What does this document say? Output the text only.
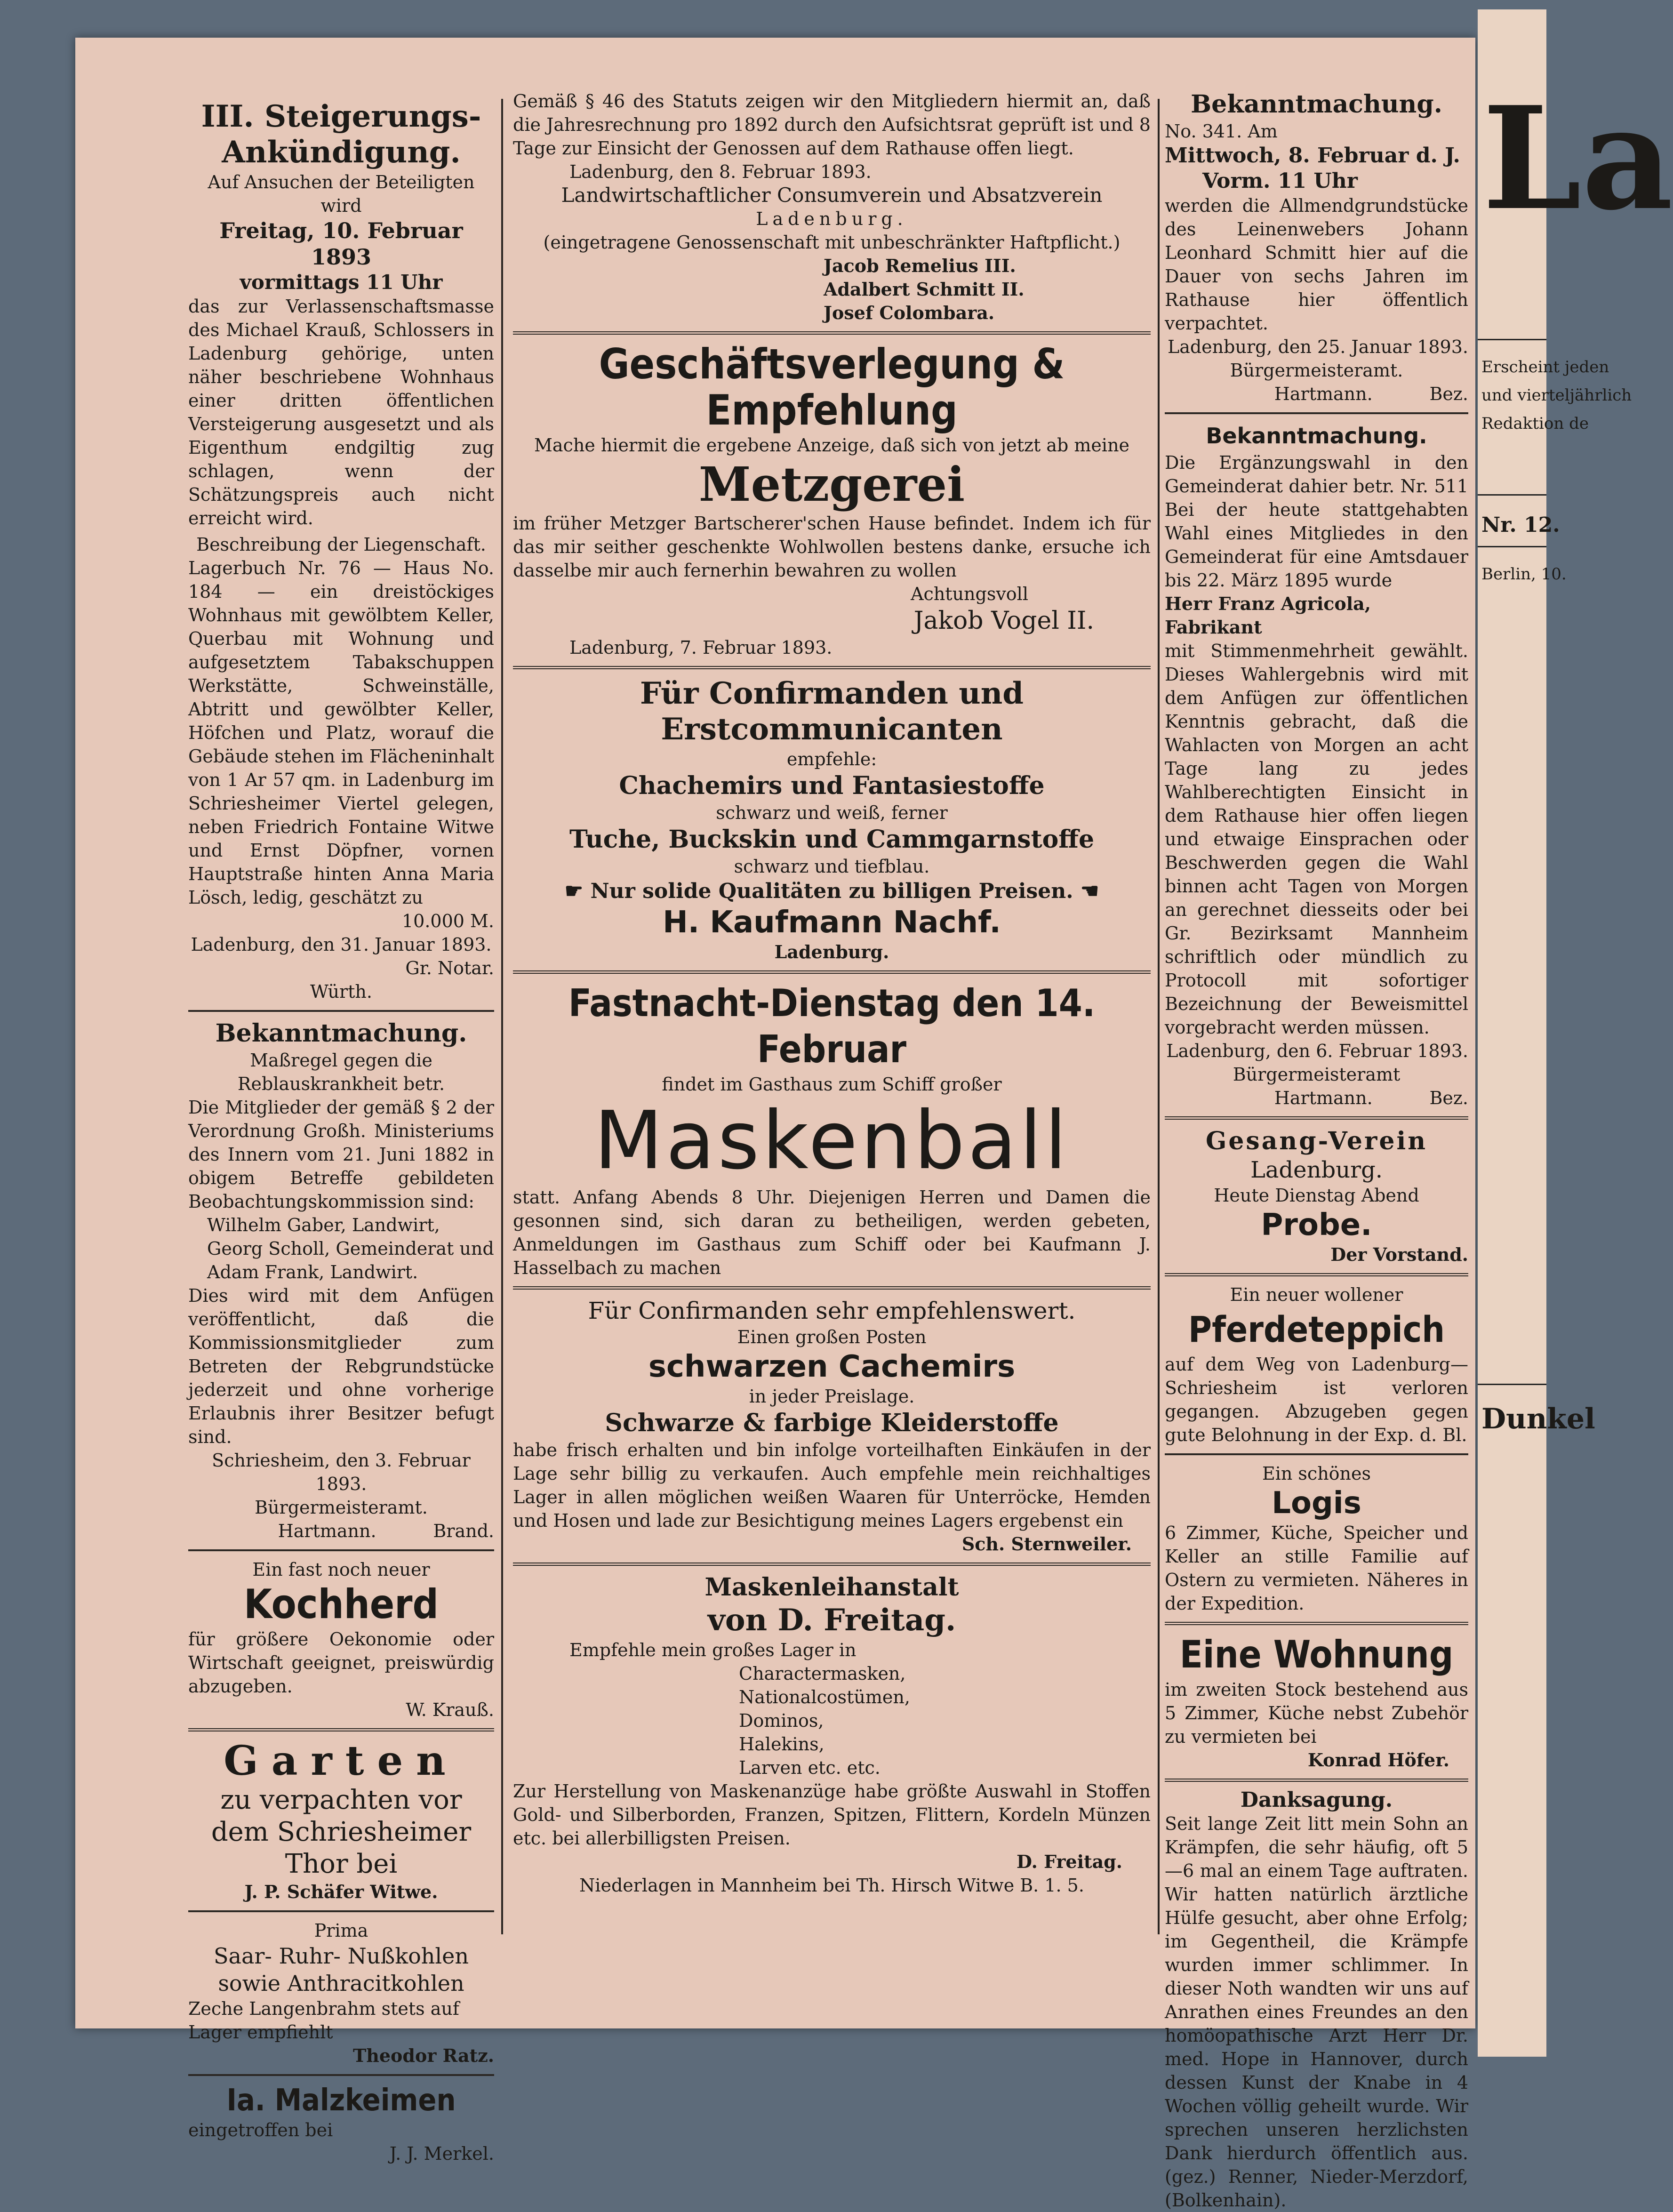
III. Steigerungs-
Ankündigung.
Auf Ansuchen der Beteiligten wird
Freitag, 10. Februar 1893
vormittags 11 Uhr
das zur Verlassenschaftsmasse des Michael Krauß, Schlossers in Ladenburg gehörige, unten näher beschriebene Wohnhaus einer dritten öffentlichen Versteigerung ausgesetzt und als Eigenthum endgiltig zug schlagen, wenn der Schätzungspreis auch nicht erreicht wird.
Beschreibung der Liegenschaft.
Lagerbuch Nr. 76 — Haus No. 184 — ein dreistöckiges Wohnhaus mit gewölbtem Keller, Querbau mit Wohnung und aufgesetztem Tabakschuppen Werkstätte, Schweinställe, Abtritt und gewölbter Keller, Höfchen und Platz, worauf die Gebäude stehen im Flächeninhalt von 1 Ar 57 qm. in Ladenburg im Schriesheimer Viertel gelegen, neben Friedrich Fontaine Witwe und Ernst Döpfner, vornen Hauptstraße hinten Anna Maria Lösch, ledig, geschätzt zu
10.000 M.
Ladenburg, den 31. Januar 1893.
Gr. Notar.
Würth.
Bekanntmachung.
Maßregel gegen die Reblauskrankheit betr.
Die Mitglieder der gemäß § 2 der Verordnung Großh. Ministeriums des Innern vom 21. Juni 1882 in obigem Betreffe gebildeten Beobachtungskommission sind:
Wilhelm Gaber, Landwirt,
Georg Scholl, Gemeinderat und
Adam Frank, Landwirt.
Dies wird mit dem Anfügen veröffentlicht, daß die Kommissionsmitglieder zum Betreten der Rebgrundstücke jederzeit und ohne vorherige Erlaubnis ihrer Besitzer befugt sind.
Schriesheim, den 3. Februar 1893.
Bürgermeisteramt.
Hartmann.          Brand.
Ein fast noch neuer
Kochherd
für größere Oekonomie oder Wirtschaft geeignet, preiswürdig abzugeben.
W. Krauß.
Garten
zu verpachten vor dem Schriesheimer Thor bei
J. P. Schäfer Witwe.
Prima
Saar- Ruhr- Nußkohlen sowie Anthracitkohlen
Zeche Langenbrahm stets auf Lager empfiehlt
Theodor Ratz.
Ia. Malzkeimen
eingetroffen bei
J. J. Merkel.
Gemäß § 46 des Statuts zeigen wir den Mitgliedern hiermit an, daß die Jahresrechnung pro 1892 durch den Aufsichtsrat geprüft ist und 8 Tage zur Einsicht der Genossen auf dem Rathause offen liegt.
Ladenburg, den 8. Februar 1893.
Landwirtschaftlicher Consumverein und Absatzverein
Ladenburg.
(eingetragene Genossenschaft mit unbeschränkter Haftpflicht.)
Jacob Remelius III.
Adalbert Schmitt II.
Josef Colombara.
Geschäftsverlegung & Empfehlung
Mache hiermit die ergebene Anzeige, daß sich von jetzt ab meine
Metzgerei
im früher Metzger Bartscherer'schen Hause befindet. Indem ich für das mir seither geschenkte Wohlwollen bestens danke, ersuche ich dasselbe mir auch fernerhin bewahren zu wollen
Achtungsvoll
Jakob Vogel II.
Ladenburg, 7. Februar 1893.
Für Confirmanden und Erstcommunicanten
empfehle:
Chachemirs und Fantasiestoffe
schwarz und weiß, ferner
Tuche, Buckskin und Cammgarnstoffe
schwarz und tiefblau.
☛ Nur solide Qualitäten zu billigen Preisen. ☚
H. Kaufmann Nachf.
Ladenburg.
Fastnacht-Dienstag den 14. Februar
findet im Gasthaus zum Schiff großer
Maskenball
statt. Anfang Abends 8 Uhr. Diejenigen Herren und Damen die gesonnen sind, sich daran zu betheiligen, werden gebeten, Anmeldungen im Gasthaus zum Schiff oder bei Kaufmann J. Hasselbach zu machen
Für Confirmanden sehr empfehlenswert.
Einen großen Posten
schwarzen Cachemirs
in jeder Preislage.
Schwarze & farbige Kleiderstoffe
habe frisch erhalten und bin infolge vorteilhaften Einkäufen in der Lage sehr billig zu verkaufen. Auch empfehle mein reichhaltiges Lager in allen möglichen weißen Waaren für Unterröcke, Hemden und Hosen und lade zur Besichtigung meines Lagers ergebenst ein
Sch. Sternweiler.
Maskenleihanstalt
von D. Freitag.
Empfehle mein großes Lager in
Charactermasken,
Nationalcostümen,
Dominos,
Halekins,
Larven etc. etc.
Zur Herstellung von Maskenanzüge habe größte Auswahl in Stoffen Gold- und Silberborden, Franzen, Spitzen, Flittern, Kordeln Münzen etc. bei allerbilligsten Preisen.
D. Freitag.
Niederlagen in Mannheim bei Th. Hirsch Witwe B. 1. 5.
Bekanntmachung.
No. 341. Am
Mittwoch, 8. Februar d. J.
Vorm. 11 Uhr
werden die Allmendgrundstücke des Leinenwebers Johann Leonhard Schmitt hier auf die Dauer von sechs Jahren im Rathause hier öffentlich verpachtet.
Ladenburg, den 25. Januar 1893.
Bürgermeisteramt.
Hartmann.          Bez.
Bekanntmachung.
Die Ergänzungswahl in den Gemeinderat dahier betr. Nr. 511 Bei der heute stattgehabten Wahl eines Mitgliedes in den Gemeinderat für eine Amtsdauer bis 22. März 1895 wurde
Herr Franz Agricola, Fabrikant
mit Stimmenmehrheit gewählt. Dieses Wahlergebnis wird mit dem Anfügen zur öffentlichen Kenntnis gebracht, daß die Wahlacten von Morgen an acht Tage lang zu jedes Wahlberechtigten Einsicht in dem Rathause hier offen liegen und etwaige Einsprachen oder Beschwerden gegen die Wahl binnen acht Tagen von Morgen an gerechnet diesseits oder bei Gr. Bezirksamt Mannheim schriftlich oder mündlich zu Protocoll mit sofortiger Bezeichnung der Beweismittel vorgebracht werden müssen.
Ladenburg, den 6. Februar 1893.
Bürgermeisteramt
Hartmann.          Bez.
Gesang-Verein
Ladenburg.
Heute Dienstag Abend
Probe.
Der Vorstand.
Ein neuer wollener
Pferdeteppich
auf dem Weg von Ladenburg—Schriesheim ist verloren gegangen. Abzugeben gegen gute Belohnung in der Exp. d. Bl.
Ein schönes
Logis
6 Zimmer, Küche, Speicher und Keller an stille Familie auf Ostern zu vermieten. Näheres in der Expedition.
Eine Wohnung
im zweiten Stock bestehend aus 5 Zimmer, Küche nebst Zubehör zu vermieten bei
Konrad Höfer.
Danksagung.
Seit lange Zeit litt mein Sohn an Krämpfen, die sehr häufig, oft 5—6 mal an einem Tage auftraten. Wir hatten natürlich ärztliche Hülfe gesucht, aber ohne Erfolg; im Gegentheil, die Krämpfe wurden immer schlimmer. In dieser Noth wandten wir uns auf Anrathen eines Freundes an den homöopathische Arzt Herr Dr. med. Hope in Hannover, durch dessen Kunst der Knabe in 4 Wochen völlig geheilt wurde. Wir sprechen unseren herzlichsten Dank hierdurch öffentlich aus. (gez.) Renner, Nieder-Merzdorf, (Bolkenhain).
La
Erscheint jeden
und vierteljährlich
Redaktion de
Nr. 12.
Berlin, 10.
Dunkel
